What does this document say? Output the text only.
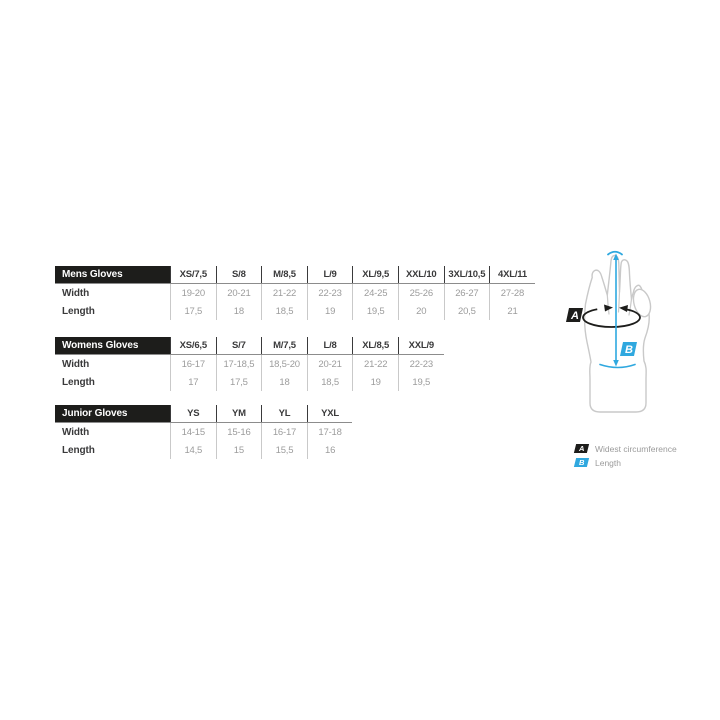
Mens Gloves	XS/7,5	S/8	M/8,5	L/9	XL/9,5	XXL/10	3XL/10,5	4XL/11
Width	19-20	20-21	21-22	22-23	24-25	25-26	26-27	27-28
Length	17,5	18	18,5	19	19,5	20	20,5	21
Womens Gloves	XS/6,5	S/7	M/7,5	L/8	XL/8,5	XXL/9
Width	16-17	17-18,5	18,5-20	20-21	21-22	22-23
Length	17	17,5	18	18,5	19	19,5
Junior Gloves	YS	YM	YL	YXL
Width	14-15	15-16	16-17	17-18
Length	14,5	15	15,5	16
A
B
A Widest circumference
B Length
